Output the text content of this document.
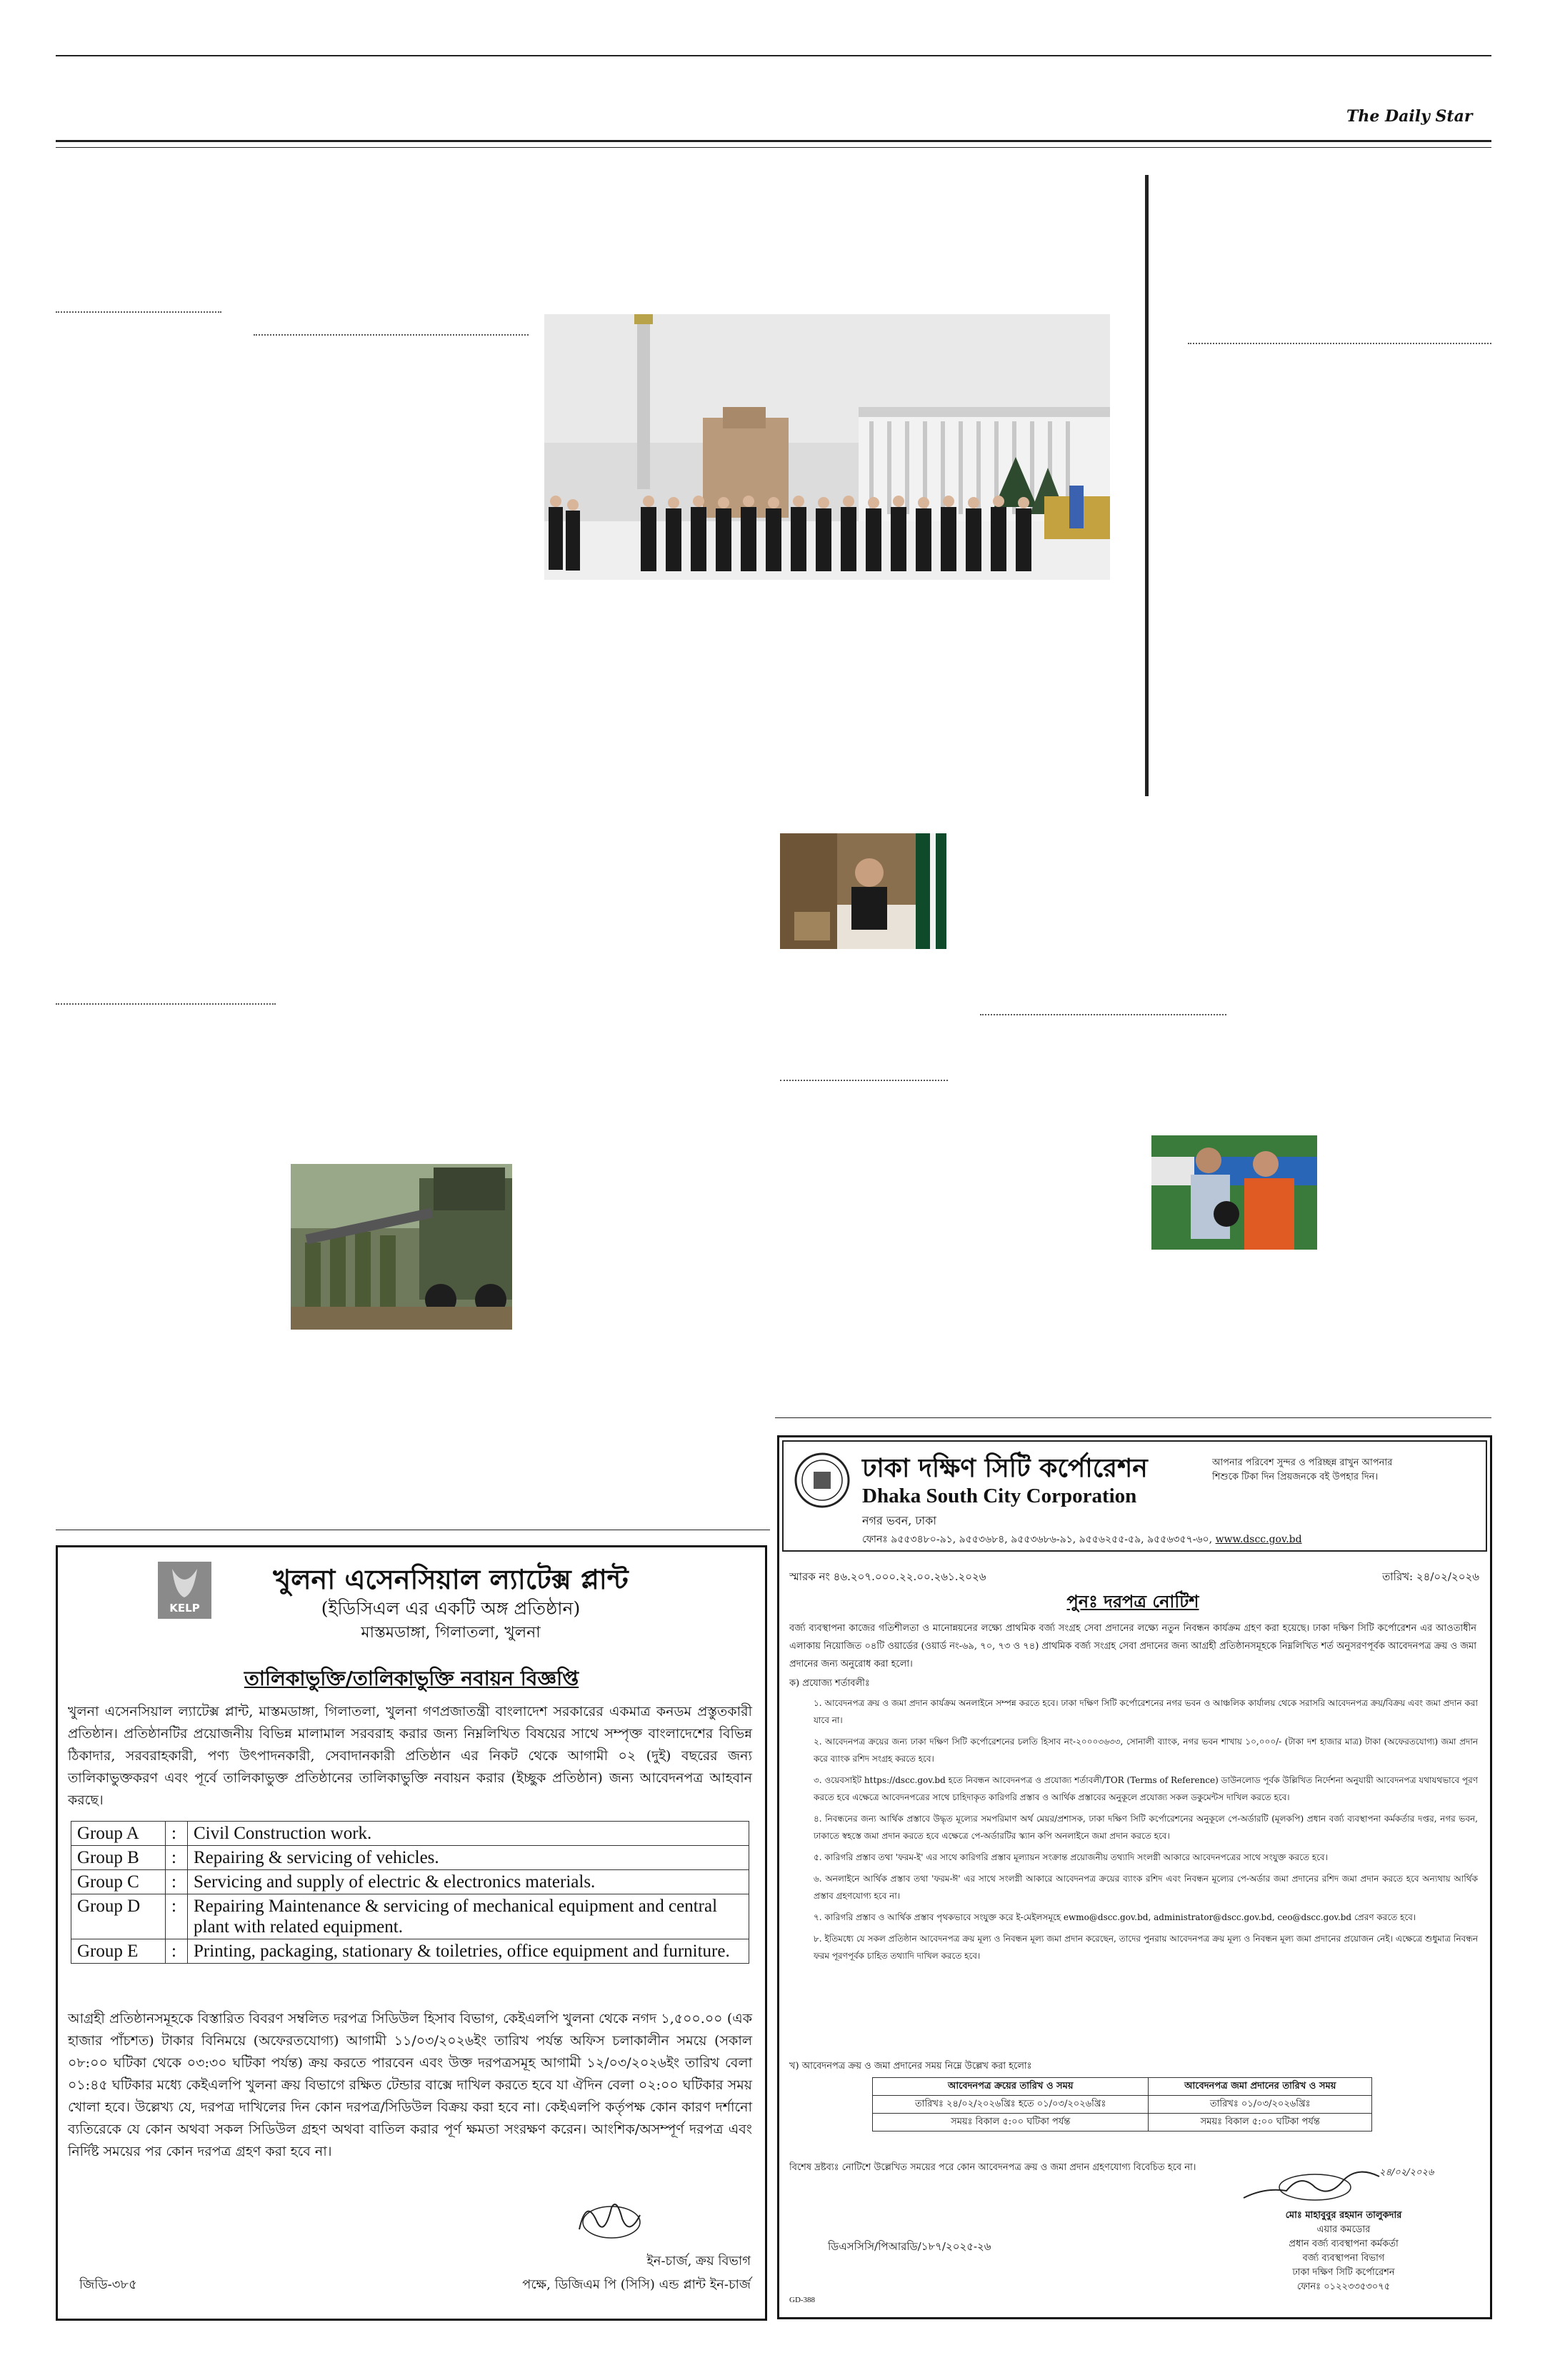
The Daily Star
KELP
খুলনা এসেনসিয়াল ল্যাটেক্স প্লান্ট
(ইডিসিএল এর একটি অঙ্গ প্রতিষ্ঠান)
মাস্তমডাঙ্গা, গিলাতলা, খুলনা
তালিকাভুক্তি/তালিকাভুক্তি নবায়ন বিজ্ঞপ্তি
খুলনা এসেনসিয়াল ল্যাটেক্স প্লান্ট, মাস্তমডাঙ্গা, গিলাতলা, খুলনা গণপ্রজাতন্ত্রী বাংলাদেশ সরকারের একমাত্র কনডম প্রস্তুতকারী প্রতিষ্ঠান। প্রতিষ্ঠানটির প্রয়োজনীয় বিভিন্ন মালামাল সরবরাহ করার জন্য নিম্নলিখিত বিষয়ের সাথে সম্পৃক্ত বাংলাদেশের বিভিন্ন ঠিকাদার, সরবরাহকারী, পণ্য উৎপাদনকারী, সেবাদানকারী প্রতিষ্ঠান এর নিকট থেকে আগামী ০২ (দুই) বছরের জন্য তালিকাভুক্তকরণ এবং পূর্বে তালিকাভুক্ত প্রতিষ্ঠানের তালিকাভুক্তি নবায়ন করার (ইচ্ছুক প্রতিষ্ঠান) জন্য আবেদনপত্র আহবান করছে।
Group A	:	Civil Construction work.
Group B	:	Repairing & servicing of vehicles.
Group C	:	Servicing and supply of electric & electronics materials.
Group D	:	Repairing Maintenance & servicing of mechanical equipment and central plant with related equipment.
Group E	:	Printing, packaging, stationary & toiletries, office equipment and furniture.
আগ্রহী প্রতিষ্ঠানসমূহকে বিস্তারিত বিবরণ সম্বলিত দরপত্র সিডিউল হিসাব বিভাগ, কেইএলপি খুলনা থেকে নগদ ১,৫০০.০০ (এক হাজার পাঁচশত) টাকার বিনিময়ে (অফেরতযোগ্য) আগামী ১১/০৩/২০২৬ইং তারিখ পর্যন্ত অফিস চলাকালীন সময়ে (সকাল ০৮:০০ ঘটিকা থেকে ০৩:৩০ ঘটিকা পর্যন্ত) ক্রয় করতে পারবেন এবং উক্ত দরপত্রসমূহ আগামী ১২/০৩/২০২৬ইং তারিখ বেলা ০১:৪৫ ঘটিকার মধ্যে কেইএলপি খুলনা ক্রয় বিভাগে রক্ষিত টেন্ডার বাক্সে দাখিল করতে হবে যা ঐদিন বেলা ০২:০০ ঘটিকার সময় খোলা হবে। উল্লেখ্য যে, দরপত্র দাখিলের দিন কোন দরপত্র/সিডিউল বিক্রয় করা হবে না। কেইএলপি কর্তৃপক্ষ কোন কারণ দর্শানো ব্যতিরেকে যে কোন অথবা সকল সিডিউল গ্রহণ অথবা বাতিল করার পূর্ণ ক্ষমতা সংরক্ষণ করেন। আংশিক/অসম্পূর্ণ দরপত্র এবং নির্দিষ্ট সময়ের পর কোন দরপত্র গ্রহণ করা হবে না।
ইন-চার্জ, ক্রয় বিভাগ
পক্ষে, ডিজিএম পি (সিসি) এন্ড প্লান্ট ইন-চার্জ
জিডি-৩৮৫
ঢাকা দক্ষিণ সিটি কর্পোরেশন
Dhaka South City Corporation
নগর ভবন, ঢাকা
আপনার পরিবেশ সুন্দর ও পরিচ্ছন্ন রাখুন আপনার শিশুকে টিকা দিন প্রিয়জনকে বই উপহার দিন।
ফোনঃ ৯৫৫৩৪৮০-৯১, ৯৫৫৩৬৮৪, ৯৫৫৩৬৮৬-৯১, ৯৫৫৬২৫৫-৫৯, ৯৫৫৬৩৫৭-৬০, www.dscc.gov.bd
স্মারক নং ৪৬.২০৭.০০০.২২.০০.২৬১.২০২৬	তারিখ: ২৪/০২/২০২৬
পুনঃ দরপত্র নোটিশ
বর্জ্য ব্যবস্থাপনা কাজের গতিশীলতা ও মানোন্নয়নের লক্ষ্যে প্রাথমিক বর্জ্য সংগ্রহ সেবা প্রদানের লক্ষ্যে নতুন নিবন্ধন কার্যক্রম গ্রহণ করা হয়েছে। ঢাকা দক্ষিণ সিটি কর্পোরেশন এর আওতাধীন এলাকায় নিয়োজিত ০৪টি ওয়ার্ডের (ওয়ার্ড নং-৬৯, ৭০, ৭৩ ও ৭৪) প্রাথমিক বর্জ্য সংগ্রহ সেবা প্রদানের জন্য আগ্রহী প্রতিষ্ঠানসমূহকে নিম্নলিখিত শর্ত অনুসরণপূর্বক আবেদনপত্র ক্রয় ও জমা প্রদানের জন্য অনুরোধ করা হলো।
ক) প্রযোজ্য শর্তাবলীঃ
১. আবেদনপত্র ক্রয় ও জমা প্রদান কার্যক্রম অনলাইনে সম্পন্ন করতে হবে। ঢাকা দক্ষিণ সিটি কর্পোরেশনের নগর ভবন ও আঞ্চলিক কার্যালয় থেকে সরাসরি আবেদনপত্র ক্রয়/বিক্রয় এবং জমা প্রদান করা যাবে না।
২. আবেদনপত্র ক্রয়ের জন্য ঢাকা দক্ষিণ সিটি কর্পোরেশনের চলতি হিসাব নং-২০০০৩৬৩৩, সোনালী ব্যাংক, নগর ভবন শাখায় ১০,০০০/- (টাকা দশ হাজার মাত্র) টাকা (অফেরতযোগ্য) জমা প্রদান করে ব্যাংক রশিদ সংগ্রহ করতে হবে।
৩. ওয়েবসাইট https://dscc.gov.bd হতে নিবন্ধন আবেদনপত্র ও প্রযোজ্য শর্তাবলী/TOR (Terms of Reference) ডাউনলোড পূর্বক উল্লিখিত নির্দেশনা অনুযায়ী আবেদনপত্র যথাযথভাবে পূরণ করতে হবে এক্ষেত্রে আবেদনপত্রের সাথে চাহিদাকৃত কারিগরি প্রস্তাব ও আর্থিক প্রস্তাবের অনুকূলে প্রযোজ্য সকল ডকুমেন্টস দাখিল করতে হবে।
৪. নিবন্ধনের জন্য আর্থিক প্রস্তাবে উদ্ধৃত মূল্যের সমপরিমাণ অর্থ মেয়র/প্রশাসক, ঢাকা দক্ষিণ সিটি কর্পোরেশনের অনুকূলে পে-অর্ডারটি (মূলকপি) প্রধান বর্জ্য ব্যবস্থাপনা কর্মকর্তার দপ্তর, নগর ভবন, ঢাকাতে স্বহস্তে জমা প্রদান করতে হবে এক্ষেত্রে পে-অর্ডারটির স্ক্যান কপি অনলাইনে জমা প্রদান করতে হবে।
৫. কারিগরি প্রস্তাব তথা 'ফরম-ই' এর সাথে কারিগরি প্রস্তাব মূল্যায়ন সংক্রান্ত প্রয়োজনীয় তথ্যাদি সংলগ্নী আকারে আবেদনপত্রের সাথে সংযুক্ত করতে হবে।
৬. অনলাইনে আর্থিক প্রস্তাব তথা 'ফরম-ঈ' এর সাথে সংলগ্নী আকারে আবেদনপত্র ক্রয়ের ব্যাংক রশিদ এবং নিবন্ধন মূল্যের পে-অর্ডার জমা প্রদানের রশিদ জমা প্রদান করতে হবে অন্যথায় আর্থিক প্রস্তাব গ্রহণযোগ্য হবে না।
৭. কারিগরি প্রস্তাব ও আর্থিক প্রস্তাব পৃথকভাবে সংযুক্ত করে ই-মেইলসমূহে ewmo@dscc.gov.bd, administrator@dscc.gov.bd, ceo@dscc.gov.bd প্রেরণ করতে হবে।
৮. ইতিমধ্যে যে সকল প্রতিষ্ঠান আবেদনপত্র ক্রয় মূল্য ও নিবন্ধন মূল্য জমা প্রদান করেছেন, তাদের পুনরায় আবেদনপত্র ক্রয় মূল্য ও নিবন্ধন মূল্য জমা প্রদানের প্রয়োজন নেই। এক্ষেত্রে শুধুমাত্র নিবন্ধন ফরম পূরণপূর্বক চাহিত তথ্যাদি দাখিল করতে হবে।
খ) আবেদনপত্র ক্রয় ও জমা প্রদানের সময় নিম্নে উল্লেখ করা হলোঃ
আবেদনপত্র ক্রয়ের তারিখ ও সময়	আবেদনপত্র জমা প্রদানের তারিখ ও সময়
তারিখঃ ২৪/০২/২০২৬খ্রিঃ হতে ০১/০৩/২০২৬খ্রিঃ	তারিখঃ ০১/০৩/২০২৬খ্রিঃ
সময়ঃ বিকাল ৫:০০ ঘটিকা পর্যন্ত	সময়ঃ বিকাল ৫:০০ ঘটিকা পর্যন্ত
বিশেষ দ্রষ্টব্যঃ নোটিশে উল্লেখিত সময়ের পরে কোন আবেদনপত্র ক্রয় ও জমা প্রদান গ্রহণযোগ্য বিবেচিত হবে না।	২৪/০২/২০২৬
ডিএসসিসি/পিআরডি/১৮৭/২০২৫-২৬
মোঃ মাহাবুবুর রহমান তালুকদার
এয়ার কমডোর
প্রধান বর্জ্য ব্যবস্থাপনা কর্মকর্তা
বর্জ্য ব্যবস্থাপনা বিভাগ
ঢাকা দক্ষিণ সিটি কর্পোরেশন
ফোনঃ ০১২২৩৩৫৩০৭৫
GD-388
